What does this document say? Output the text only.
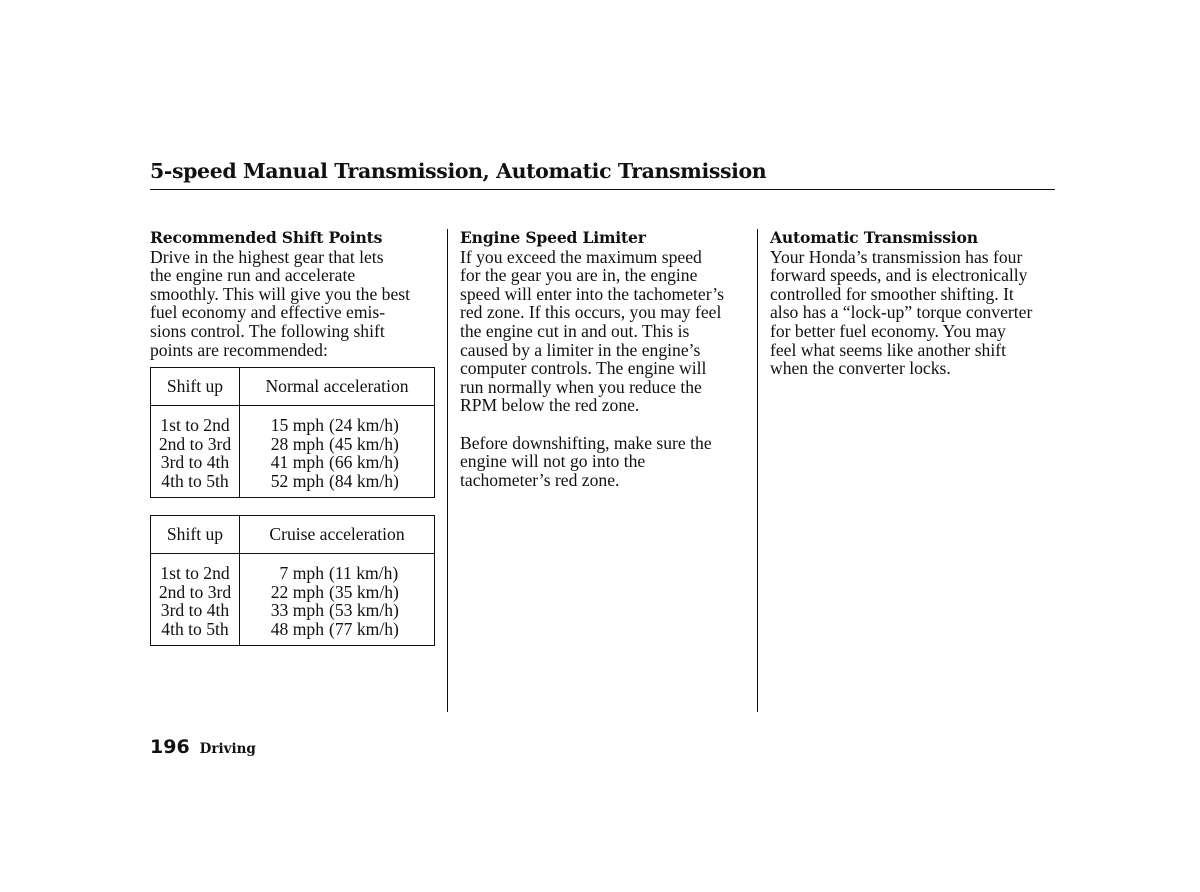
5-speed Manual Transmission, Automatic Transmission
Recommended Shift Points
Drive in the highest gear that lets
the engine run and accelerate
smoothly. This will give you the best
fuel economy and effective emis-
sions control. The following shift
points are recommended:
Shift up	Normal acceleration
1st to 2nd	15 mph (24 km/h)
2nd to 3rd	28 mph (45 km/h)
3rd to 4th	41 mph (66 km/h)
4th to 5th	52 mph (84 km/h)
Shift up	Cruise acceleration
1st to 2nd	7 mph (11 km/h)
2nd to 3rd	22 mph (35 km/h)
3rd to 4th	33 mph (53 km/h)
4th to 5th	48 mph (77 km/h)
Engine Speed Limiter
If you exceed the maximum speed
for the gear you are in, the engine
speed will enter into the tachometer’s
red zone. If this occurs, you may feel
the engine cut in and out. This is
caused by a limiter in the engine’s
computer controls. The engine will
run normally when you reduce the
RPM below the red zone.
Before downshifting, make sure the
engine will not go into the
tachometer’s red zone.
Automatic Transmission
Your Honda’s transmission has four
forward speeds, and is electronically
controlled for smoother shifting. It
also has a “lock-up” torque converter
for better fuel economy. You may
feel what seems like another shift
when the converter locks.
196 Driving
